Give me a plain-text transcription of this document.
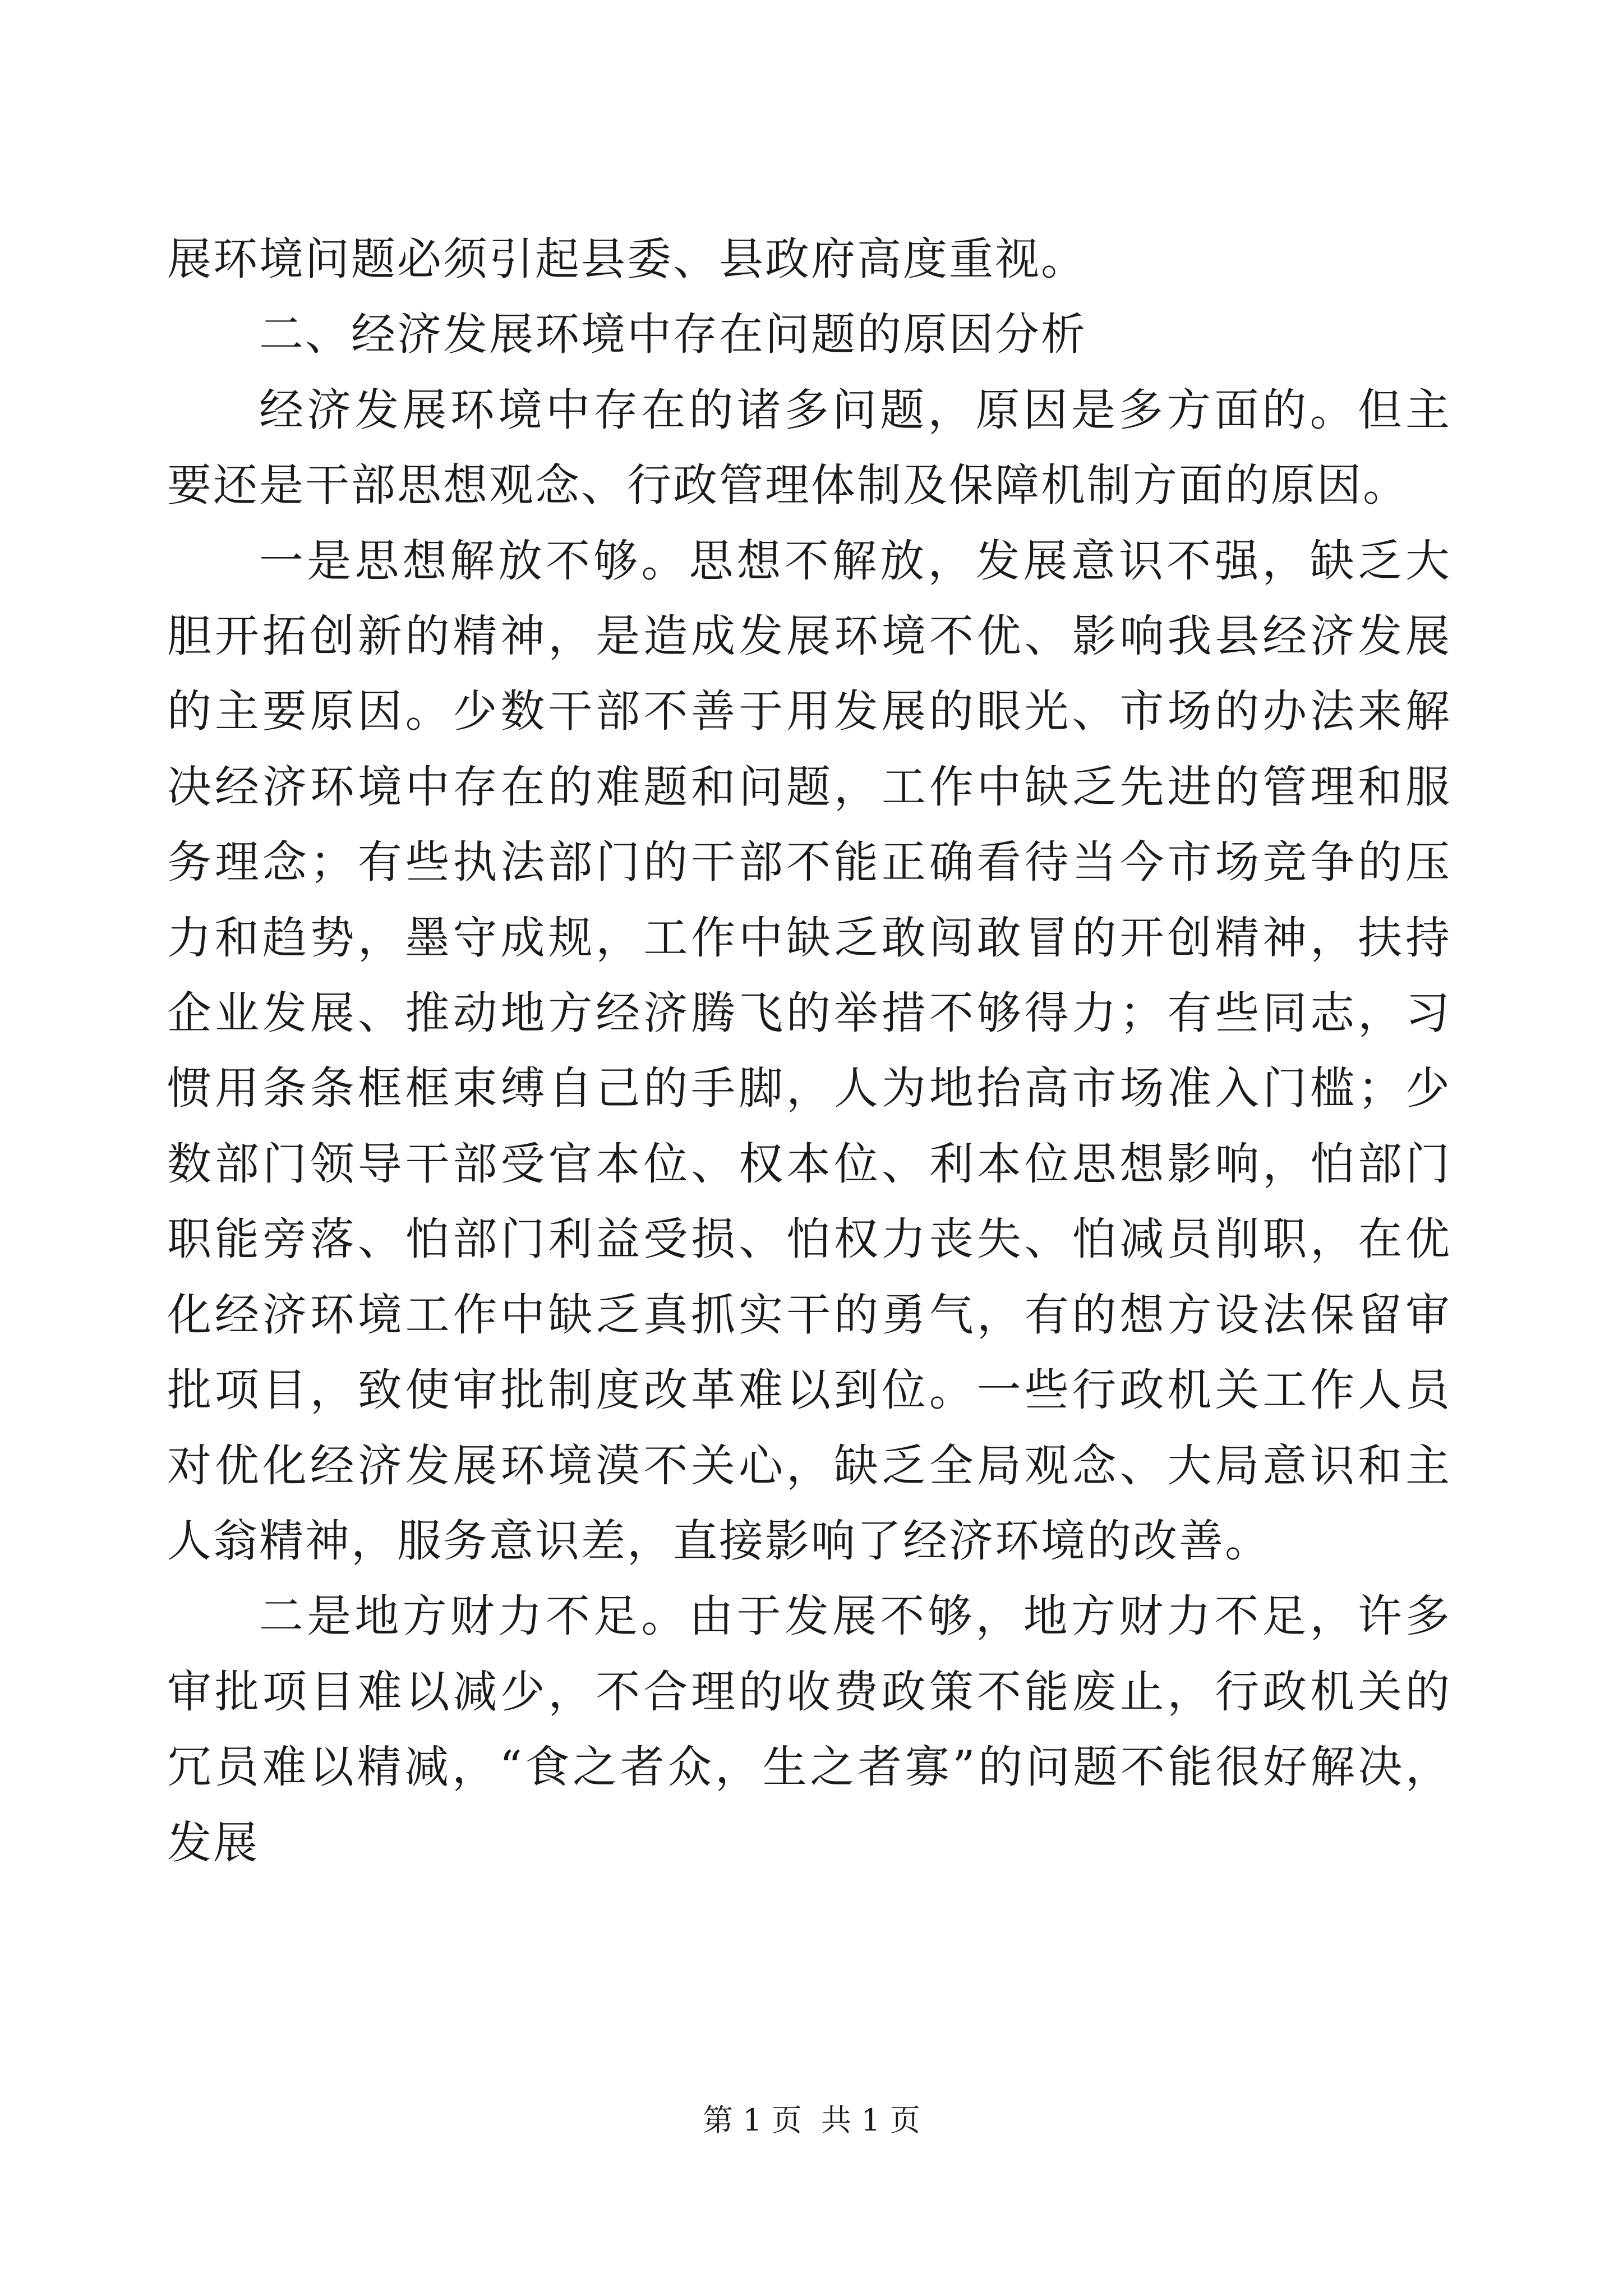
展环境问题必须引起县委、县政府高度重视。

二、经济发展环境中存在问题的原因分析

经济发展环境中存在的诸多问题，原因是多方面的。但主要还是干部思想观念、行政管理体制及保障机制方面的原因。

一是思想解放不够。思想不解放，发展意识不强，缺乏大胆开拓创新的精神，是造成发展环境不优、影响我县经济发展的主要原因。少数干部不善于用发展的眼光、市场的办法来解决经济环境中存在的难题和问题，工作中缺乏先进的管理和服务理念；有些执法部门的干部不能正确看待当今市场竞争的压力和趋势，墨守成规，工作中缺乏敢闯敢冒的开创精神，扶持企业发展、推动地方经济腾飞的举措不够得力；有些同志，习惯用条条框框束缚自己的手脚，人为地抬高市场准入门槛；少数部门领导干部受官本位、权本位、利本位思想影响，怕部门职能旁落、怕部门利益受损、怕权力丧失、怕减员削职，在优化经济环境工作中缺乏真抓实干的勇气，有的想方设法保留审批项目，致使审批制度改革难以到位。一些行政机关工作人员对优化经济发展环境漠不关心，缺乏全局观念、大局意识和主人翁精神，服务意识差，直接影响了经济环境的改善。

二是地方财力不足。由于发展不够，地方财力不足，许多审批项目难以减少，不合理的收费政策不能废止，行政机关的冗员难以精减，“食之者众，生之者寡”的问题不能很好解决，发展

第 1 页  共 1 页
